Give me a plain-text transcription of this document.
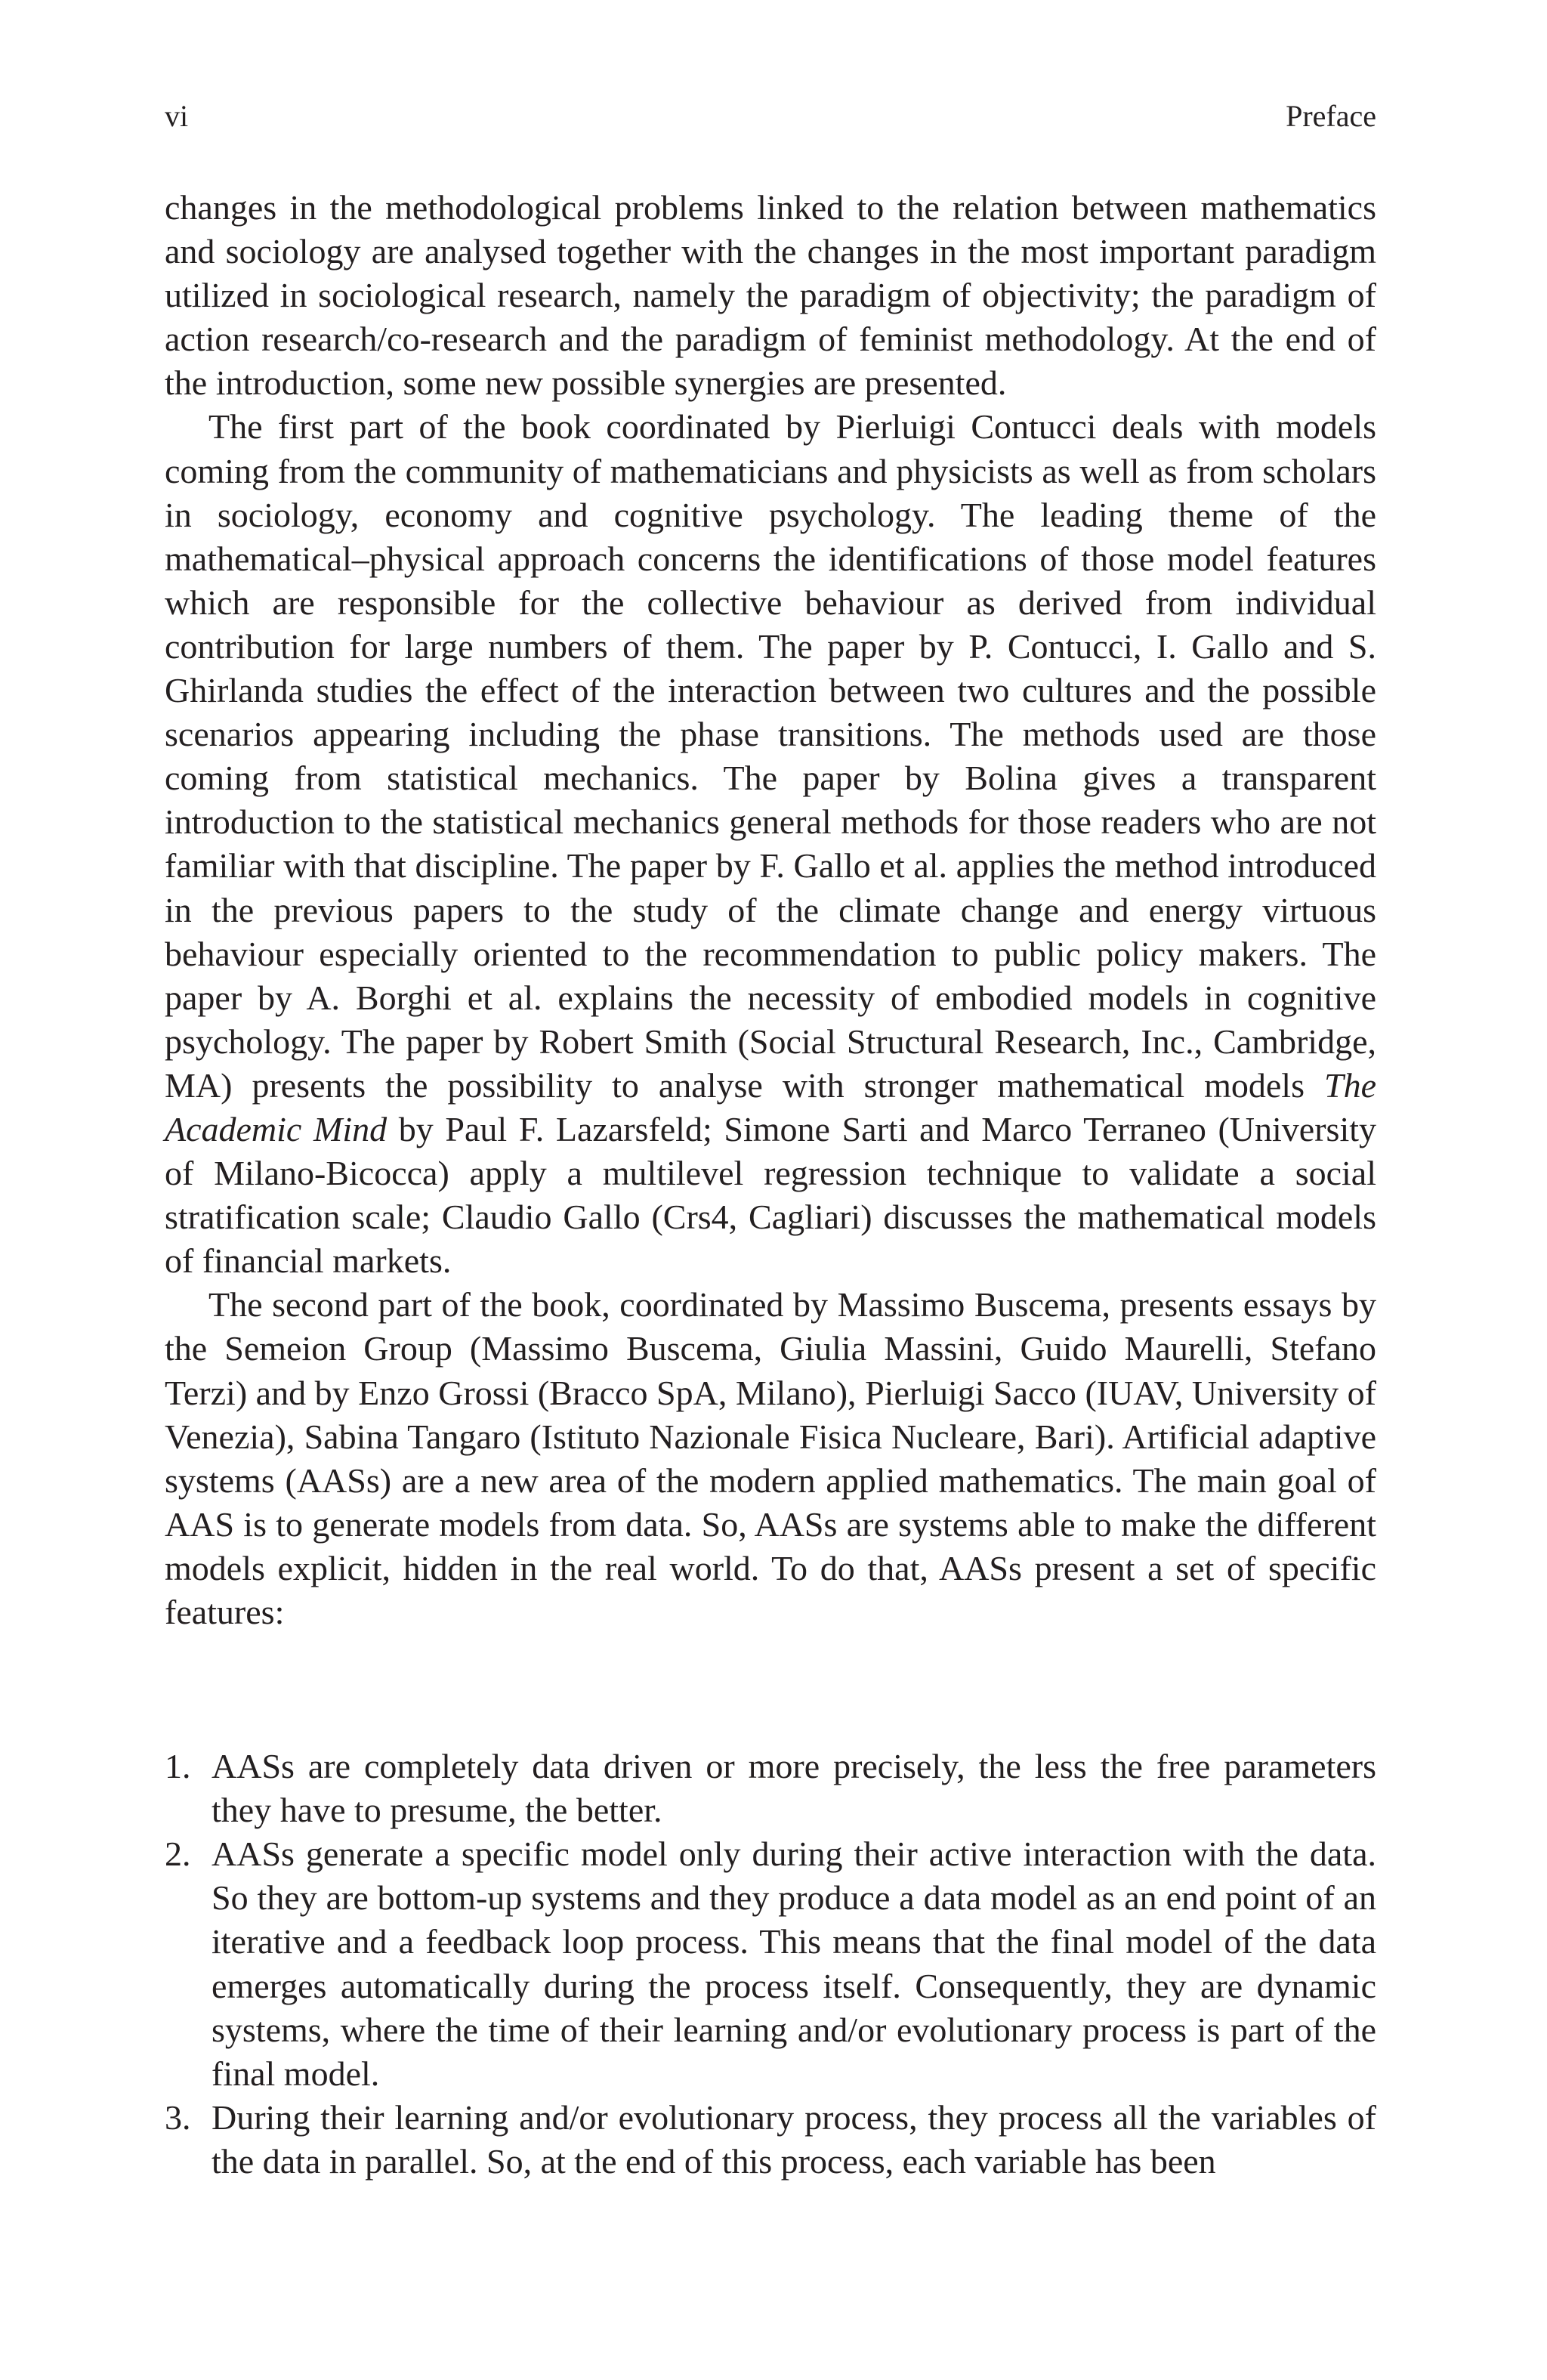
vi	Preface

changes in the methodological problems linked to the relation between mathematics and sociology are analysed together with the changes in the most important paradigm utilized in sociological research, namely the paradigm of objectivity; the paradigm of action research/co-research and the paradigm of feminist methodology. At the end of the introduction, some new possible synergies are presented.

The first part of the book coordinated by Pierluigi Contucci deals with models coming from the community of mathematicians and physicists as well as from scholars in sociology, economy and cognitive psychology. The leading theme of the mathematical–physical approach concerns the identifications of those model features which are responsible for the collective behaviour as derived from individual contribution for large numbers of them. The paper by P. Contucci, I. Gallo and S. Ghirlanda studies the effect of the interaction between two cultures and the possible scenarios appearing including the phase transitions. The methods used are those coming from statistical mechanics. The paper by Bolina gives a transparent introduction to the statistical mechanics general methods for those readers who are not familiar with that discipline. The paper by F. Gallo et al. applies the method introduced in the previous papers to the study of the climate change and energy virtuous behaviour especially oriented to the recommendation to public policy makers. The paper by A. Borghi et al. explains the necessity of embodied models in cognitive psychology. The paper by Robert Smith (Social Structural Research, Inc., Cambridge, MA) presents the possibility to analyse with stronger mathematical models The Academic Mind by Paul F. Lazarsfeld; Simone Sarti and Marco Terraneo (University of Milano-Bicocca) apply a multilevel regression technique to validate a social stratification scale; Claudio Gallo (Crs4, Cagliari) discusses the mathematical models of financial markets.

The second part of the book, coordinated by Massimo Buscema, presents essays by the Semeion Group (Massimo Buscema, Giulia Massini, Guido Maurelli, Stefano Terzi) and by Enzo Grossi (Bracco SpA, Milano), Pierluigi Sacco (IUAV, University of Venezia), Sabina Tangaro (Istituto Nazionale Fisica Nucleare, Bari). Artificial adaptive systems (AASs) are a new area of the modern applied mathematics. The main goal of AAS is to generate models from data. So, AASs are systems able to make the different models explicit, hidden in the real world. To do that, AASs present a set of specific features:

1. AASs are completely data driven or more precisely, the less the free parameters they have to presume, the better.
2. AASs generate a specific model only during their active interaction with the data. So they are bottom-up systems and they produce a data model as an end point of an iterative and a feedback loop process. This means that the final model of the data emerges automatically during the process itself. Consequently, they are dynamic systems, where the time of their learning and/or evolutionary process is part of the final model.
3. During their learning and/or evolutionary process, they process all the variables of the data in parallel. So, at the end of this process, each variable has been
